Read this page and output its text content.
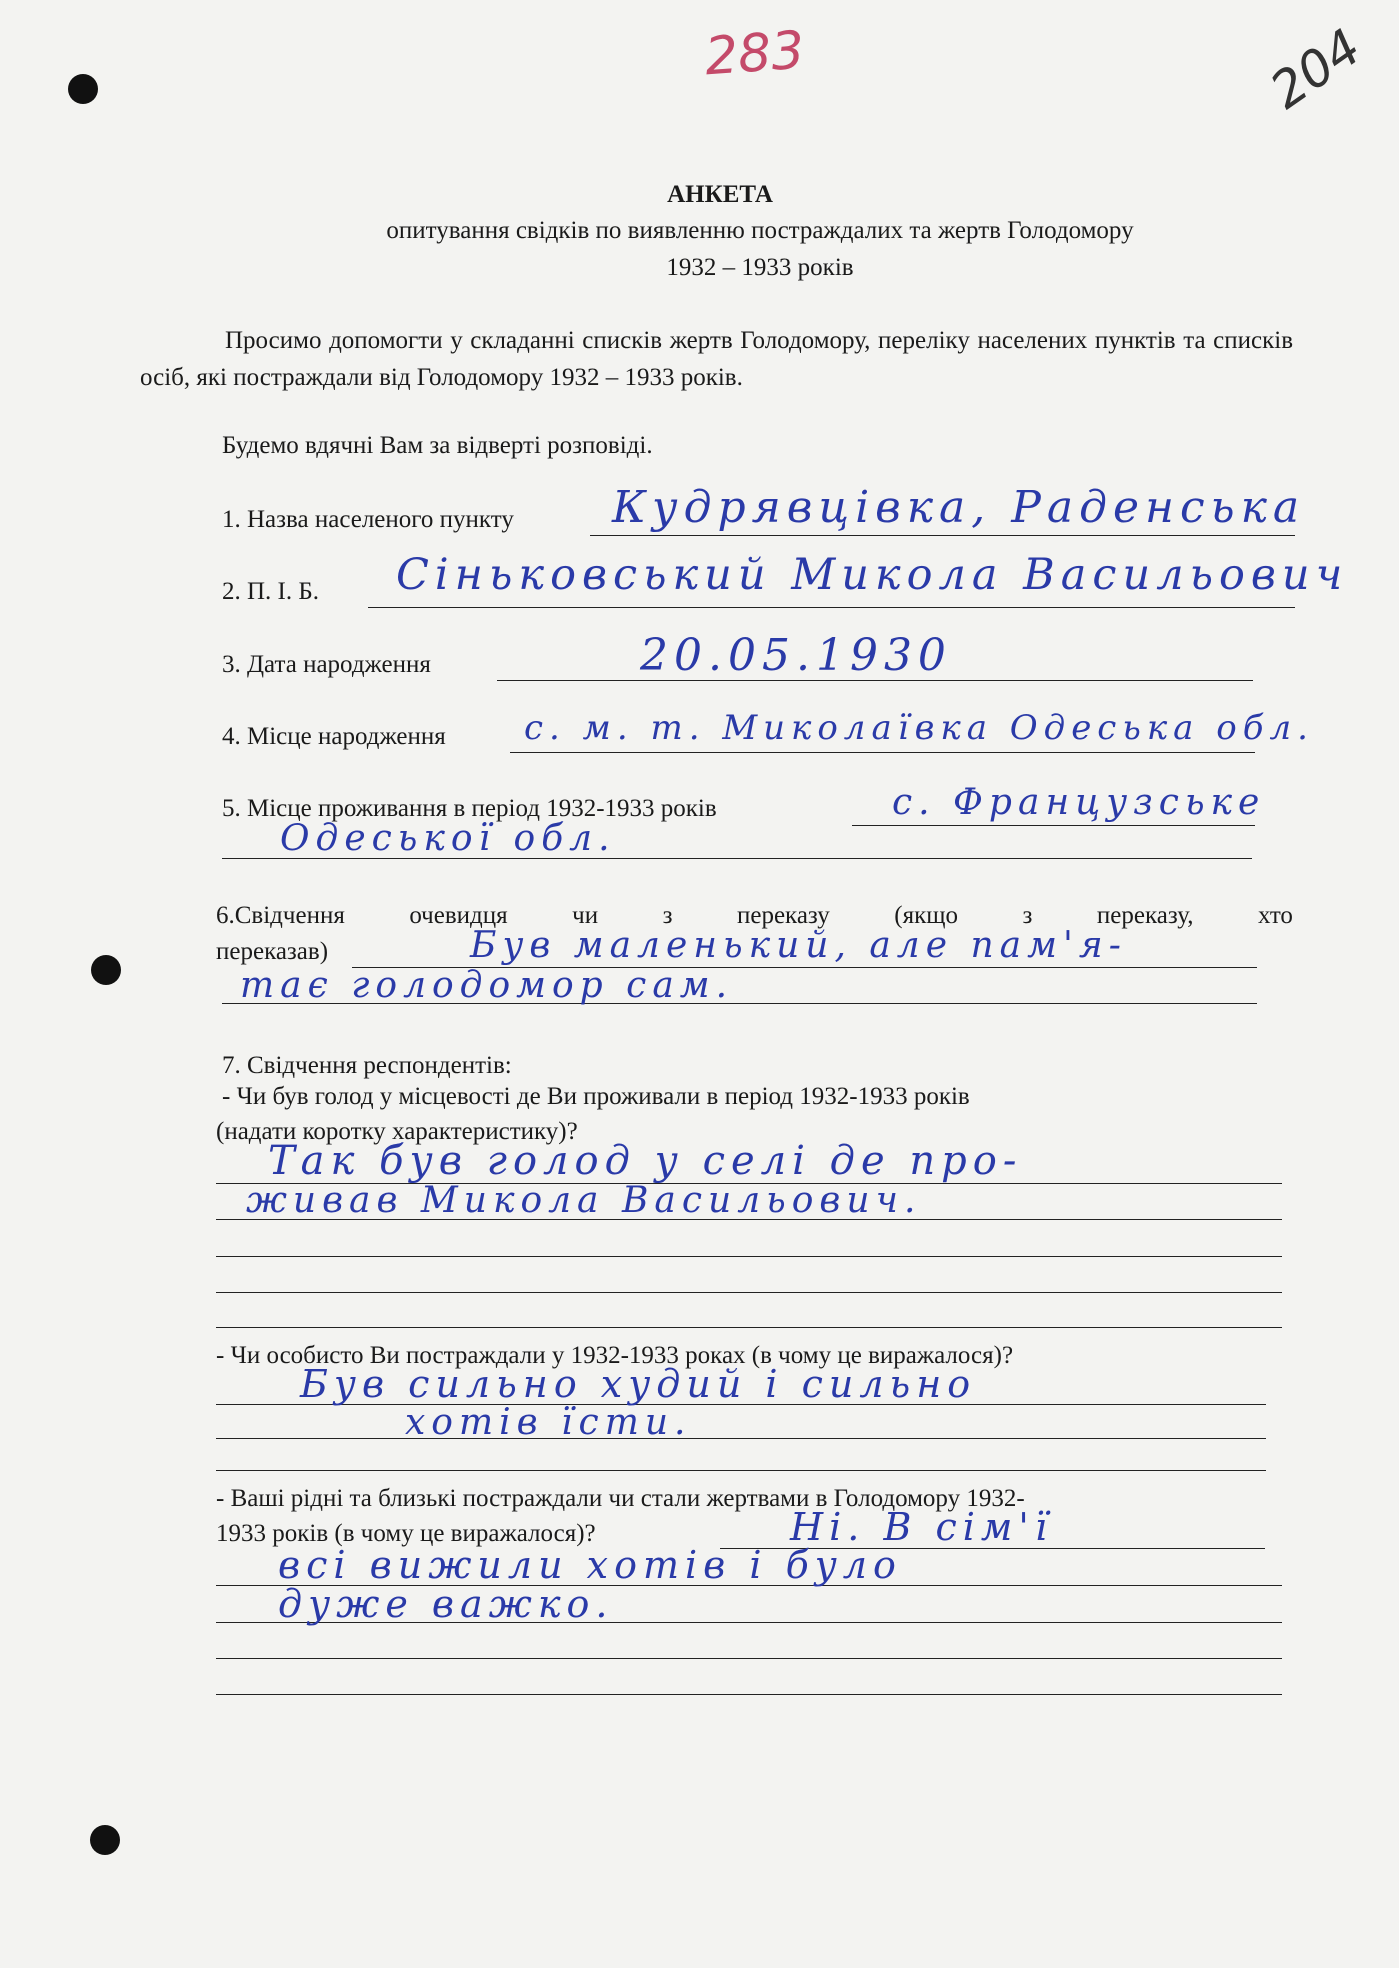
283	204
АНКЕТА
опитування свідків по виявленню постраждалих та жертв Голодомору
1932 – 1933 років
Просимо допомогти у складанні списків жертв Голодомору, переліку населених пунктів та списків осіб, які постраждали від Голодомору 1932 – 1933 років.
Будемо вдячні Вам за відверті розповіді.
1. Назва населеного пункту Кудрявцівка, Раденська
2. П. І. Б. Сіньковський Микола Васильович
3. Дата народження	20.05.1930
4. Місце народження с. м. т. Миколаївка Одеська обл.
5. Місце проживання в період 1932-1933 років	с. Французське
Одеської обл.
6.Свідчення	очевидця	чи	з	переказу	(якщо	з	переказу,	хто
переказав)	Був маленький, але пам'я-
тає голодомор сам.
7. Свідчення респондентів:
- Чи був голод у місцевості де Ви проживали в період 1932-1933 років
(надати коротку характеристику)?
Так був голод у селі де про-
живав Микола Васильович.
- Чи особисто Ви постраждали у 1932-1933 роках (в чому це виражалося)?
Був сильно худий і сильно
хотів їсти.
- Ваші рідні та близькі постраждали чи стали жертвами в Голодомору 1932-
1933 років (в чому це виражалося)?	Ні. В сім'ї
всі вижили хотів і було
дуже важко.
